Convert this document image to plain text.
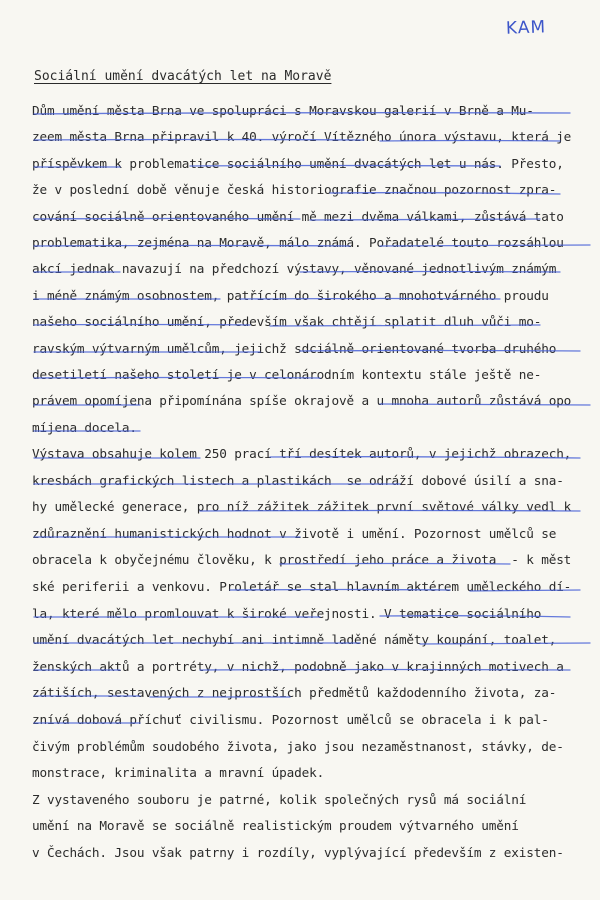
KAM
Sociální umění dvacátých let na Moravě
Dům umění města Brna ve spolupráci s Moravskou galerií v Brně a Mu-
zeem města Brna připravil k 40. výročí Vítězného února výstavu, která je
příspěvkem k problematice sociálního umění dvacátých let u nás. Přesto,
že v poslední době věnuje česká historiografie značnou pozornost zpra-
cování sociálně orientovaného umění mě mezi dvěma válkami, zůstává tato
problematika, zejména na Moravě, málo známá. Pořadatelé touto rozsáhlou
akcí jednak navazují na předchozí výstavy, věnované jednotlivým známým
i méně známým osobnostem, patřícím do širokého a mnohotvárného proudu
našeho sociálního umění, především však chtějí splatit dluh vůči mo-
ravským výtvarným umělcům, jejichž sdciálně orientované tvorba druhého
desetiletí našeho století je v celonárodním kontextu stále ještě ne-
právem opomíjena připomínána spíše okrajově a u mnoha autorů zůstává opo
míjena docela.
Výstava obsahuje kolem 250 prací tří desítek autorů, v jejichž obrazech,
kresbách grafických listech a plastikách  se odráží dobové úsilí a sna-
hy umělecké generace, pro níž zážitek zážitek první světové války vedl k
zdůraznění humanistických hodnot v životě i umění. Pozornost umělců se
obracela k obyčejnému člověku, k prostředí jeho práce a života  - k měst
ské periferii a venkovu. Proletář se stal hlavním aktérem uměleckého dí-
la, které mělo promlouvat k široké veřejnosti. V tematice sociálního
umění dvacátých let nechybí ani intimně laděné náměty koupání, toalet,
ženských aktů a portréty, v nichž, podobně jako v krajinných motivech a
zátiších, sestavených z nejprostších předmětů každodenního života, za-
znívá dobová příchuť civilismu. Pozornost umělců se obracela i k pal-
čivým problémům soudobého života, jako jsou nezaměstnanost, stávky, de-
monstrace, kriminalita a mravní úpadek.
Z vystaveného souboru je patrné, kolik společných rysů má sociální
umění na Moravě se sociálně realistickým proudem výtvarného umění
v Čechách. Jsou však patrny i rozdíly, vyplývající především z existen-
